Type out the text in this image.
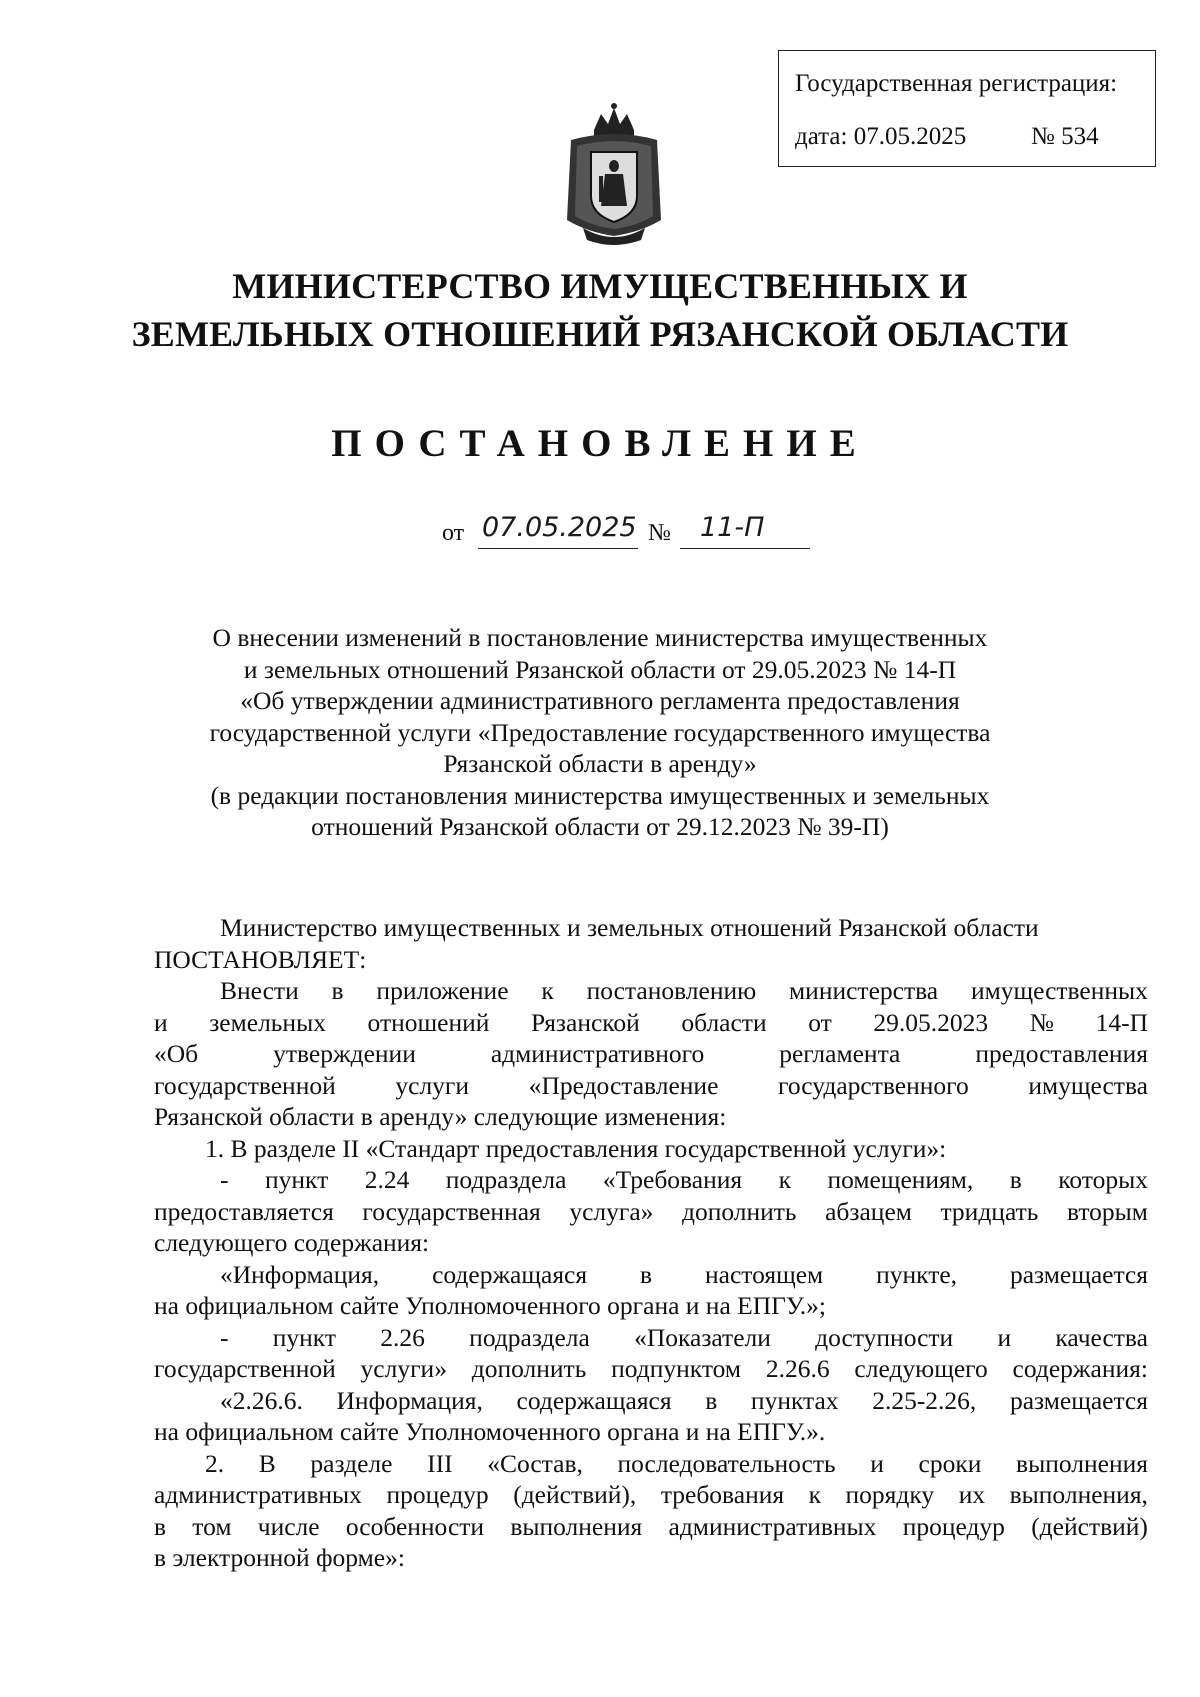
Государственная регистрация:
дата: 07.05.2025	№ 534
МИНИСТЕРСТВО ИМУЩЕСТВЕННЫХ И
ЗЕМЕЛЬНЫХ ОТНОШЕНИЙ РЯЗАНСКОЙ ОБЛАСТИ
ПОСТАНОВЛЕНИЕ
от 07.05.2025 № 11-П
О внесении изменений в постановление министерства имущественных
и земельных отношений Рязанской области от 29.05.2023 № 14-П
«Об утверждении административного регламента предоставления
государственной услуги «Предоставление государственного имущества
Рязанской области в аренду»
(в редакции постановления министерства имущественных и земельных
отношений Рязанской области от 29.12.2023 № 39-П)
Министерство имущественных и земельных отношений Рязанской области
ПОСТАНОВЛЯЕТ:
Внести в приложение к постановлению министерства имущественных
и земельных отношений Рязанской области от 29.05.2023 № 14-П
«Об	утверждении	административного	регламента	предоставления
государственной услуги «Предоставление государственного имущества
Рязанской области в аренду» следующие изменения:
1. В разделе II «Стандарт предоставления государственной услуги»:
- пункт 2.24 подраздела «Требования к помещениям, в которых
предоставляется государственная услуга» дополнить абзацем тридцать вторым
следующего содержания:
«Информация, содержащаяся в настоящем пункте, размещается
на официальном сайте Уполномоченного органа и на ЕПГУ.»;
- пункт 2.26 подраздела «Показатели доступности и качества
государственной услуги» дополнить подпунктом 2.26.6 следующего содержания:
«2.26.6. Информация, содержащаяся в пунктах 2.25-2.26, размещается
на официальном сайте Уполномоченного органа и на ЕПГУ.».
2. В разделе III «Состав, последовательность и сроки выполнения
административных процедур (действий), требования к порядку их выполнения,
в том числе особенности выполнения административных процедур (действий)
в электронной форме»:
